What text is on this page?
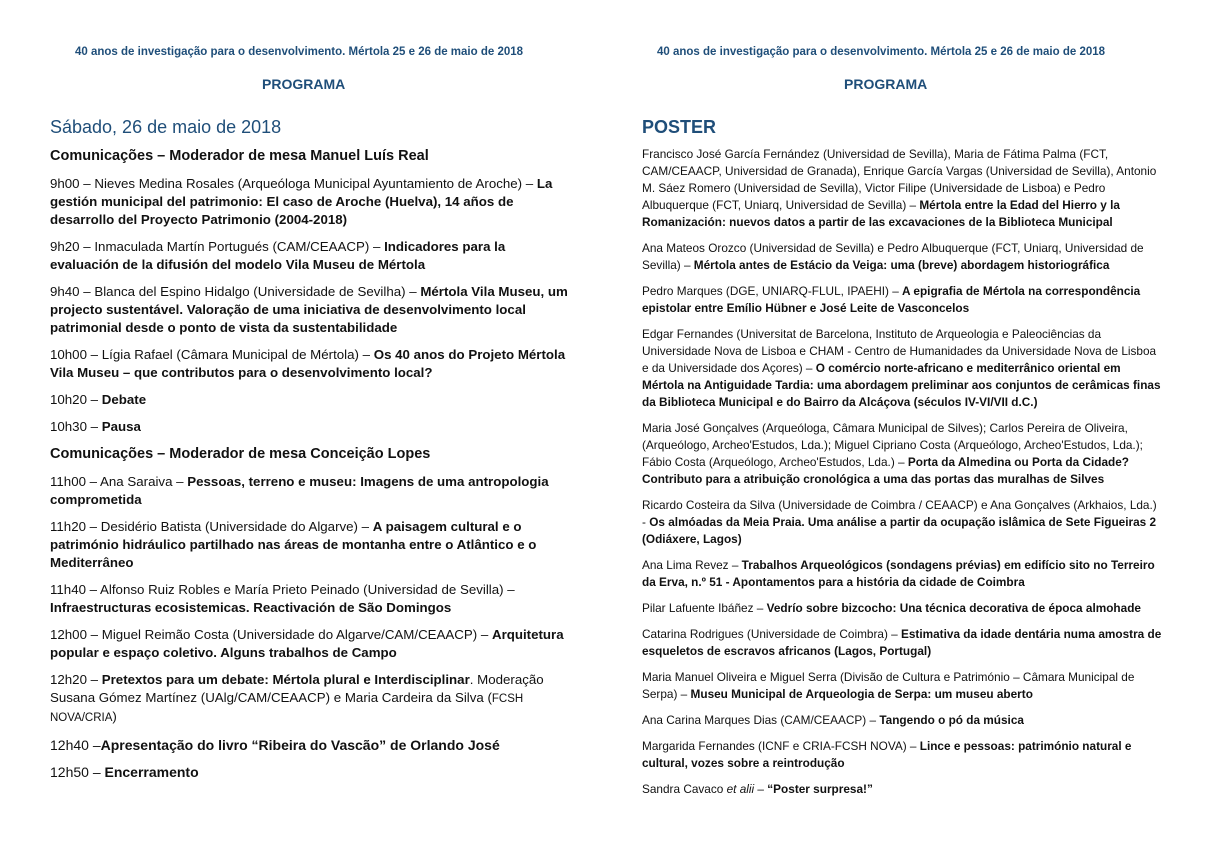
40 anos de investigação para o desenvolvimento. Mértola 25 e 26 de maio de 2018
PROGRAMA
Sábado, 26 de maio de 2018
Comunicações – Moderador de mesa Manuel Luís Real
9h00 – Nieves Medina Rosales (Arqueóloga Municipal Ayuntamiento de Aroche) – La gestión municipal del patrimonio: El caso de Aroche (Huelva), 14 años de desarrollo del Proyecto Patrimonio (2004-2018)
9h20 – Inmaculada Martín Portugués (CAM/CEAACP) – Indicadores para la evaluación de la difusión del modelo Vila Museu de Mértola
9h40 – Blanca del Espino Hidalgo (Universidade de Sevilha) – Mértola Vila Museu, um projecto sustentável. Valoração de uma iniciativa de desenvolvimento local patrimonial desde o ponto de vista da sustentabilidade
10h00 – Lígia Rafael (Câmara Municipal de Mértola) – Os 40 anos do Projeto Mértola Vila Museu – que contributos para o desenvolvimento local?
10h20 – Debate
10h30 – Pausa
Comunicações – Moderador de mesa Conceição Lopes
11h00 – Ana Saraiva – Pessoas, terreno e museu: Imagens de uma antropologia comprometida
11h20 – Desidério Batista (Universidade do Algarve) – A paisagem cultural e o património hidráulico partilhado nas áreas de montanha entre o Atlântico e o Mediterrâneo
11h40 – Alfonso Ruiz Robles e María Prieto Peinado (Universidad de Sevilla) – Infraestructuras ecosistemicas. Reactivación de São Domingos
12h00 – Miguel Reimão Costa (Universidade do Algarve/CAM/CEAACP) – Arquitetura popular e espaço coletivo. Alguns trabalhos de Campo
12h20 – Pretextos para um debate: Mértola plural e Interdisciplinar. Moderação Susana Gómez Martínez (UAlg/CAM/CEAACP) e Maria Cardeira da Silva (FCSH NOVA/CRIA)
12h40 –Apresentação do livro “Ribeira do Vascão” de Orlando José
12h50 – Encerramento
40 anos de investigação para o desenvolvimento. Mértola 25 e 26 de maio de 2018
PROGRAMA
POSTER
Francisco José García Fernández (Universidad de Sevilla), Maria de Fátima Palma (FCT, CAM/CEAACP, Universidad de Granada), Enrique García Vargas (Universidad de Sevilla), Antonio M. Sáez Romero (Universidad de Sevilla), Victor Filipe (Universidade de Lisboa) e Pedro Albuquerque (FCT, Uniarq, Universidad de Sevilla) – Mértola entre la Edad del Hierro y la Romanización: nuevos datos a partir de las excavaciones de la Biblioteca Municipal
Ana Mateos Orozco (Universidad de Sevilla) e Pedro Albuquerque (FCT, Uniarq, Universidad de Sevilla) – Mértola antes de Estácio da Veiga: uma (breve) abordagem historiográfica
Pedro Marques (DGE, UNIARQ-FLUL, IPAEHI) – A epigrafia de Mértola na correspondência epistolar entre Emílio Hübner e José Leite de Vasconcelos
Edgar Fernandes (Universitat de Barcelona, Instituto de Arqueologia e Paleociências da Universidade Nova de Lisboa e CHAM - Centro de Humanidades da Universidade Nova de Lisboa e da Universidade dos Açores) – O comércio norte-africano e mediterrânico oriental em Mértola na Antiguidade Tardia: uma abordagem preliminar aos conjuntos de cerâmicas finas da Biblioteca Municipal e do Bairro da Alcáçova (séculos IV-VI/VII d.C.)
Maria José Gonçalves (Arqueóloga, Câmara Municipal de Silves); Carlos Pereira de Oliveira, (Arqueólogo, Archeo'Estudos, Lda.); Miguel Cipriano Costa (Arqueólogo, Archeo'Estudos, Lda.); Fábio Costa (Arqueólogo, Archeo'Estudos, Lda.) – Porta da Almedina ou Porta da Cidade? Contributo para a atribuição cronológica a uma das portas das muralhas de Silves
Ricardo Costeira da Silva (Universidade de Coimbra / CEAACP) e Ana Gonçalves (Arkhaios, Lda.) - Os almóadas da Meia Praia. Uma análise a partir da ocupação islâmica de Sete Figueiras 2 (Odiáxere, Lagos)
Ana Lima Revez – Trabalhos Arqueológicos (sondagens prévias) em edifício sito no Terreiro da Erva, n.º 51 - Apontamentos para a história da cidade de Coimbra
Pilar Lafuente Ibáñez – Vedrío sobre bizcocho: Una técnica decorativa de época almohade
Catarina Rodrigues (Universidade de Coimbra) – Estimativa da idade dentária numa amostra de esqueletos de escravos africanos (Lagos, Portugal)
Maria Manuel Oliveira e Miguel Serra (Divisão de Cultura e Património – Câmara Municipal de Serpa) – Museu Municipal de Arqueologia de Serpa: um museu aberto
Ana Carina Marques Dias (CAM/CEAACP) – Tangendo o pó da música
Margarida Fernandes (ICNF e CRIA-FCSH NOVA) – Lince e pessoas: património natural e cultural, vozes sobre a reintrodução
Sandra Cavaco et alii – “Poster surpresa!”
